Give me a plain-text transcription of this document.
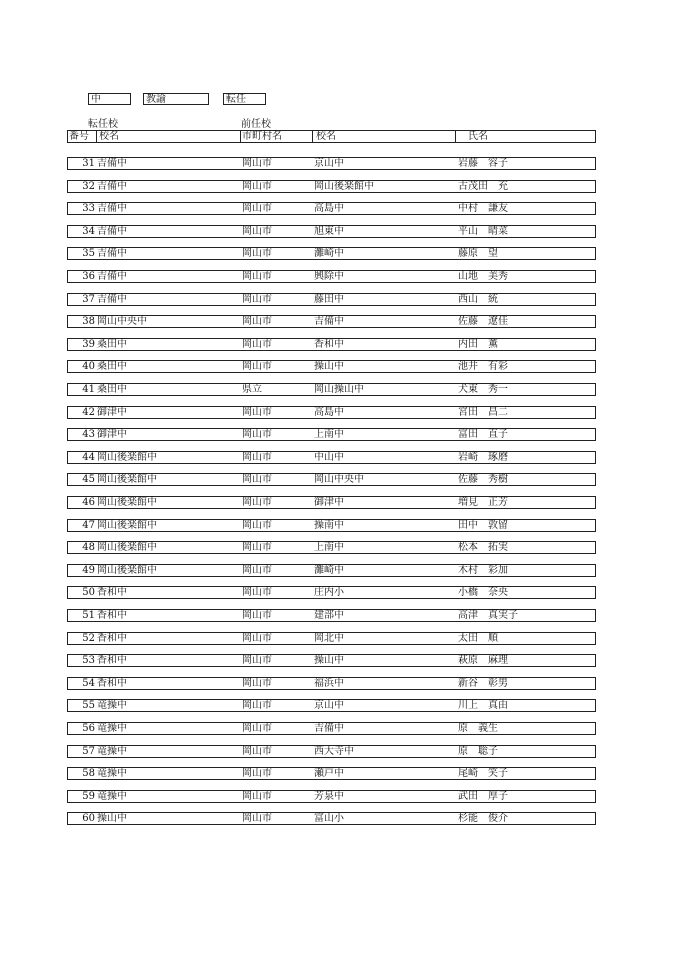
中	教諭	転任
転任校	前任校
番号 校名	市町村名	校名	氏名
31 吉備中	岡山市	京山中	岩藤　容子
32 吉備中	岡山市	岡山後楽館中	古茂田　充
33 吉備中	岡山市	高島中	中村　謙友
34 吉備中	岡山市	旭東中	平山　晴菜
35 吉備中	岡山市	灘崎中	藤原　望
36 吉備中	岡山市	興除中	山地　美秀
37 吉備中	岡山市	藤田中	西山　統
38 岡山中央中	岡山市	吉備中	佐藤　遼佳
39 桑田中	岡山市	香和中	内田　薫
40 桑田中	岡山市	操山中	池井　有彩
41 桑田中	県立	岡山操山中	犬東　秀一
42 御津中	岡山市	高島中	宮田　昌二
43 御津中	岡山市	上南中	富田　直子
44 岡山後楽館中	岡山市	中山中	岩崎　琢磨
45 岡山後楽館中	岡山市	岡山中央中	佐藤　秀樹
46 岡山後楽館中	岡山市	御津中	増見　正芳
47 岡山後楽館中	岡山市	操南中	田中　敦留
48 岡山後楽館中	岡山市	上南中	松本　拓実
49 岡山後楽館中	岡山市	灘崎中	木村　彩加
50 香和中	岡山市	庄内小	小橋　奈央
51 香和中	岡山市	建部中	高津　真実子
52 香和中	岡山市	岡北中	太田　順
53 香和中	岡山市	操山中	萩原　麻理
54 香和中	岡山市	福浜中	新谷　彰男
55 竜操中	岡山市	京山中	川上　真由
56 竜操中	岡山市	吉備中	原　義生
57 竜操中	岡山市	西大寺中	原　聡子
58 竜操中	岡山市	瀬戸中	尾崎　笑子
59 竜操中	岡山市	芳泉中	武田　厚子
60 操山中	岡山市	富山小	杉能　俊介
